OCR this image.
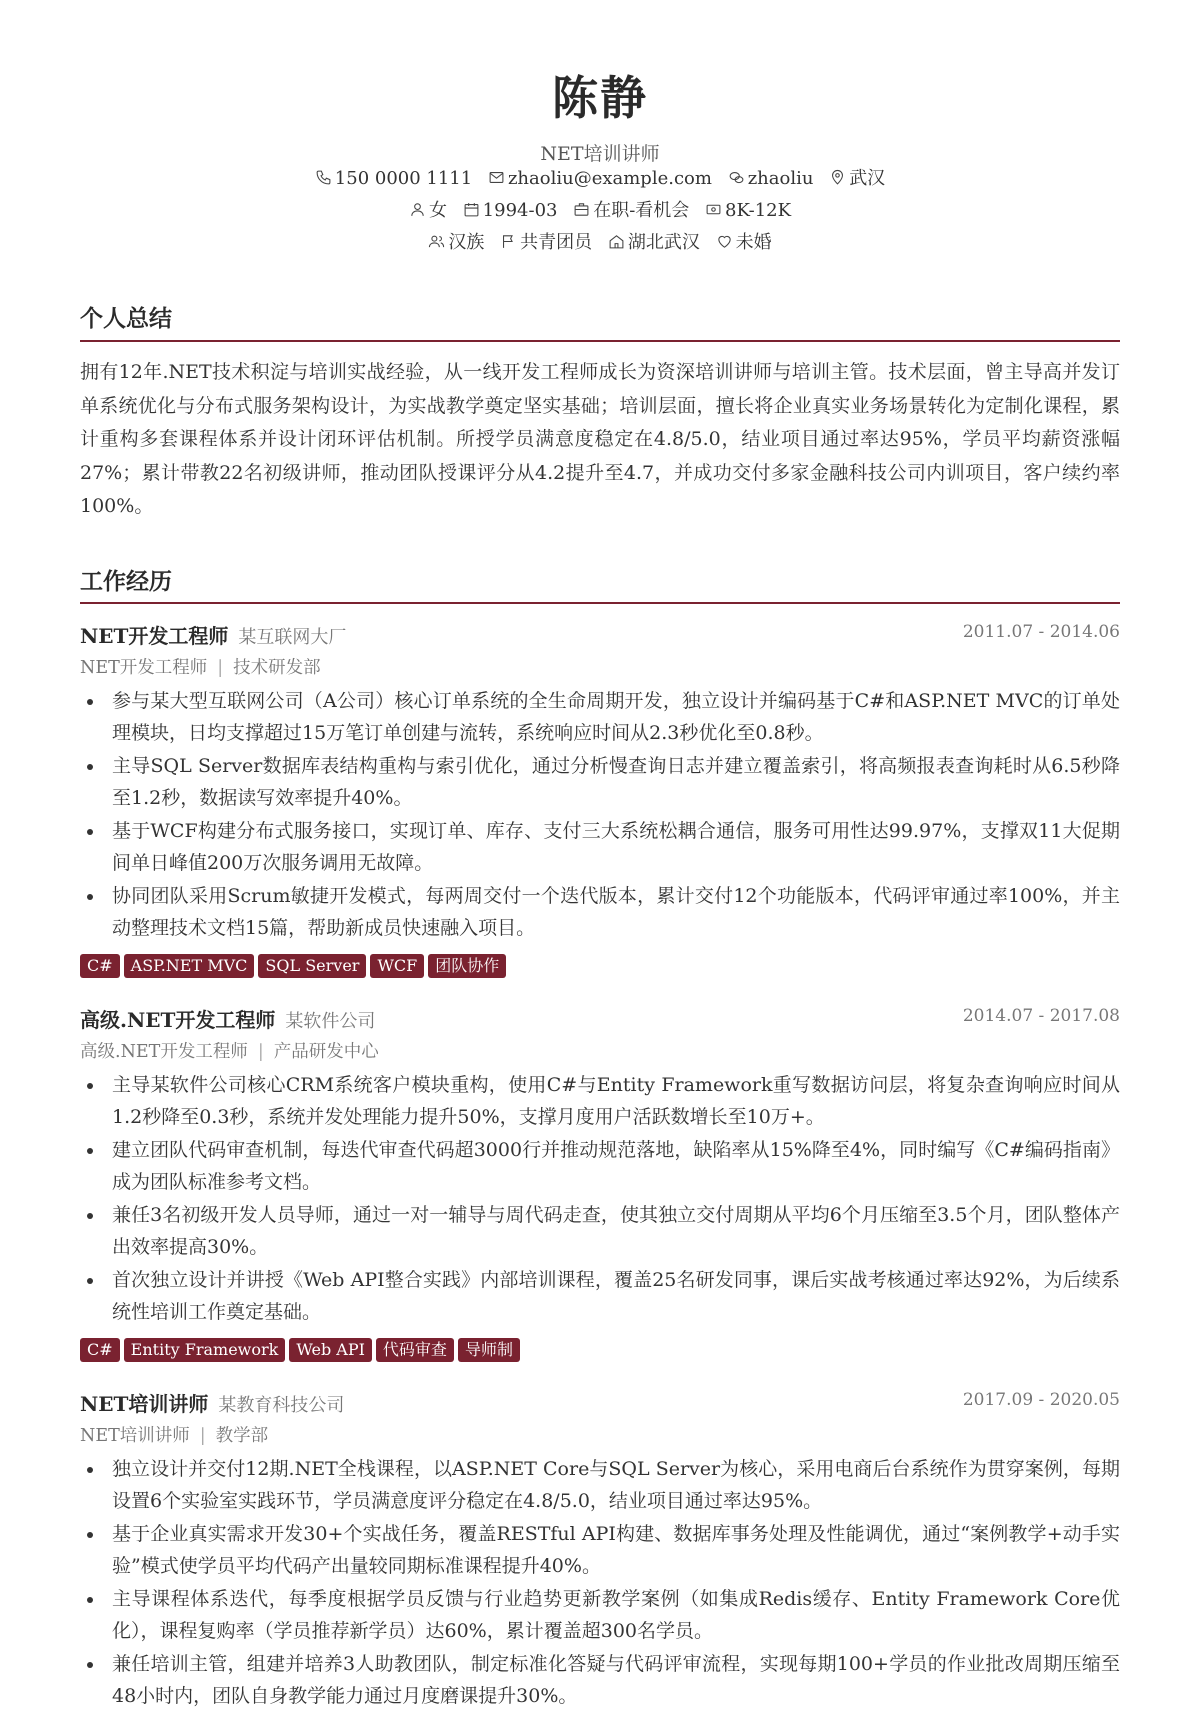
陈静
NET培训讲师
150 0000 1111 zhaoliu@example.com zhaoliu 武汉
女 1994-03 在职-看机会 8K-12K
汉族 共青团员 湖北武汉 未婚
个人总结
拥有12年.NET技术积淀与培训实战经验，从一线开发工程师成长为资深培训讲师与培训主管。技术层面，曾主导高并发订单系统优化与分布式服务架构设计，为实战教学奠定坚实基础；培训层面，擅长将企业真实业务场景转化为定制化课程，累计重构多套课程体系并设计闭环评估机制。所授学员满意度稳定在4.8/5.0，结业项目通过率达95%，学员平均薪资涨幅27%；累计带教22名初级讲师，推动团队授课评分从4.2提升至4.7，并成功交付多家金融科技公司内训项目，客户续约率100%。
工作经历
NET开发工程师 某互联网大厂	2011.07 - 2014.06
NET开发工程师 | 技术研发部
参与某大型互联网公司（A公司）核心订单系统的全生命周期开发，独立设计并编码基于C#和ASP.NET MVC的订单处理模块，日均支撑超过15万笔订单创建与流转，系统响应时间从2.3秒优化至0.8秒。
主导SQL Server数据库表结构重构与索引优化，通过分析慢查询日志并建立覆盖索引，将高频报表查询耗时从6.5秒降至1.2秒，数据读写效率提升40%。
基于WCF构建分布式服务接口，实现订单、库存、支付三大系统松耦合通信，服务可用性达99.97%，支撑双11大促期间单日峰值200万次服务调用无故障。
协同团队采用Scrum敏捷开发模式，每两周交付一个迭代版本，累计交付12个功能版本，代码评审通过率100%，并主动整理技术文档15篇，帮助新成员快速融入项目。
C# ASP.NET MVC SQL Server WCF 团队协作
高级.NET开发工程师 某软件公司	2014.07 - 2017.08
高级.NET开发工程师 | 产品研发中心
主导某软件公司核心CRM系统客户模块重构，使用C#与Entity Framework重写数据访问层，将复杂查询响应时间从1.2秒降至0.3秒，系统并发处理能力提升50%，支撑月度用户活跃数增长至10万+。
建立团队代码审查机制，每迭代审查代码超3000行并推动规范落地，缺陷率从15%降至4%，同时编写《C#编码指南》成为团队标准参考文档。
兼任3名初级开发人员导师，通过一对一辅导与周代码走查，使其独立交付周期从平均6个月压缩至3.5个月，团队整体产出效率提高30%。
首次独立设计并讲授《Web API整合实践》内部培训课程，覆盖25名研发同事，课后实战考核通过率达92%，为后续系统性培训工作奠定基础。
C# Entity Framework Web API 代码审查 导师制
NET培训讲师 某教育科技公司	2017.09 - 2020.05
NET培训讲师 | 教学部
独立设计并交付12期.NET全栈课程，以ASP.NET Core与SQL Server为核心，采用电商后台系统作为贯穿案例，每期设置6个实验室实践环节，学员满意度评分稳定在4.8/5.0，结业项目通过率达95%。
基于企业真实需求开发30+个实战任务，覆盖RESTful API构建、数据库事务处理及性能调优，通过“案例教学+动手实验”模式使学员平均代码产出量较同期标准课程提升40%。
主导课程体系迭代，每季度根据学员反馈与行业趋势更新教学案例（如集成Redis缓存、Entity Framework Core优化），课程复购率（学员推荐新学员）达60%，累计覆盖超300名学员。
兼任培训主管，组建并培养3人助教团队，制定标准化答疑与代码评审流程，实现每期100+学员的作业批改周期压缩至48小时内，团队自身教学能力通过月度磨课提升30%。
